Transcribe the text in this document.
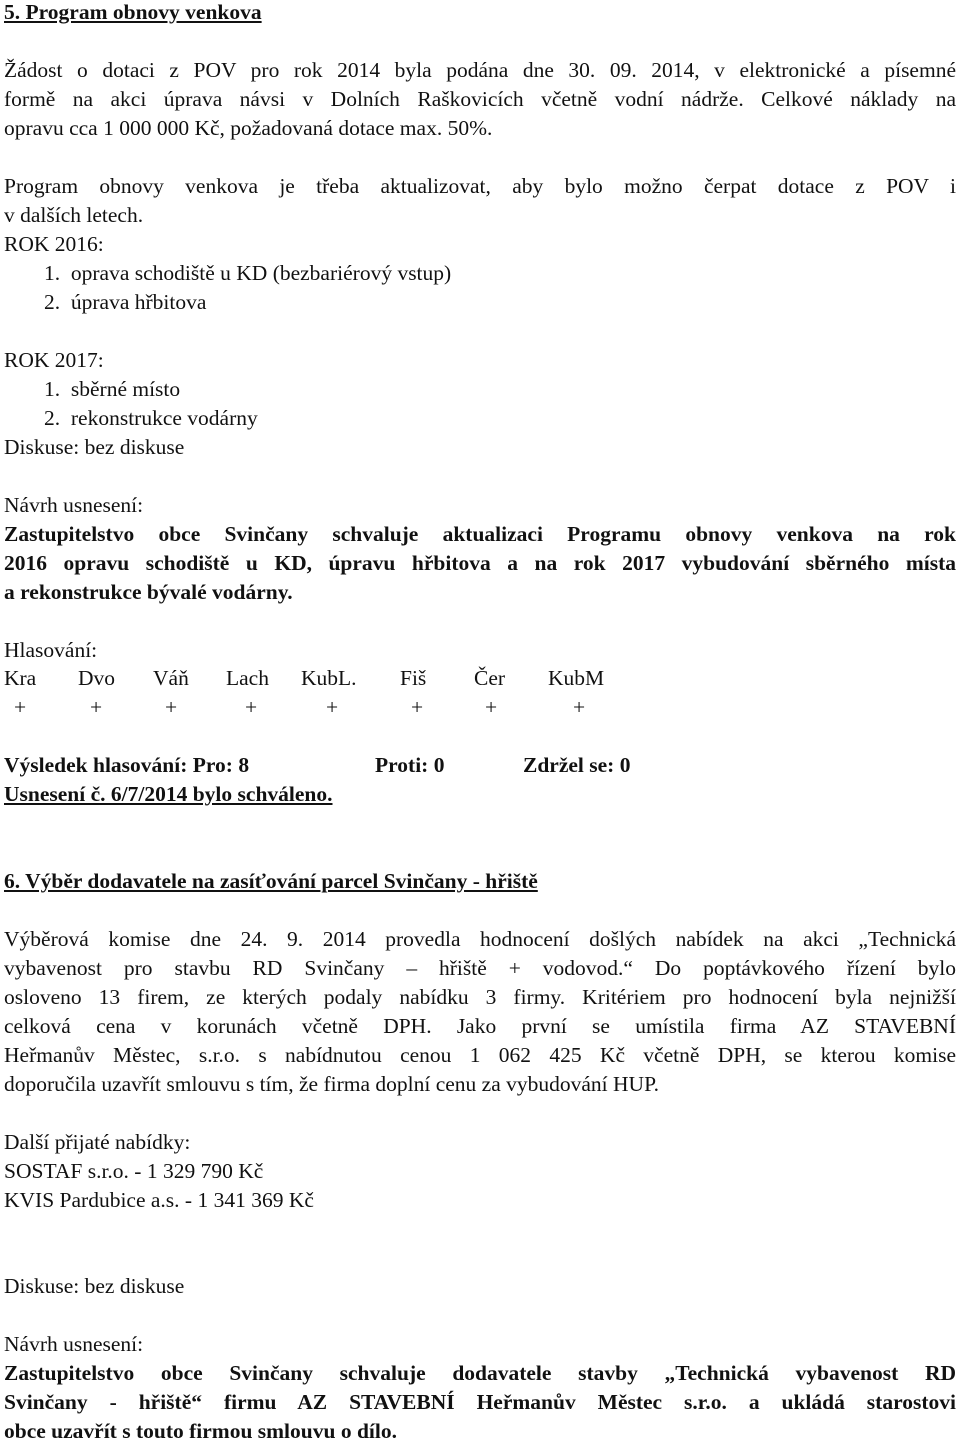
5. Program obnovy venkova
Žádost o dotaci z POV pro rok 2014 byla podána dne 30. 09. 2014, v elektronické a písemné
formě na akci úprava návsi v Dolních Raškovicích včetně vodní nádrže. Celkové náklady na
opravu cca 1 000 000 Kč, požadovaná dotace max. 50%.
Program obnovy venkova je třeba aktualizovat, aby bylo možno čerpat dotace z POV i
v dalších letech.
ROK 2016:
1.  oprava schodiště u KD (bezbariérový vstup)
2.  úprava hřbitova
ROK 2017:
1.  sběrné místo
2.  rekonstrukce vodárny
Diskuse: bez diskuse
Návrh usnesení:
Zastupitelstvo obce Svinčany schvaluje aktualizaci Programu obnovy venkova na rok
2016 opravu schodiště u KD, úpravu hřbitova a na rok 2017 vybudování sběrného místa
a rekonstrukce bývalé vodárny.
Hlasování:
Kra Dvo Váň Lach KubL. Fiš Čer KubM
+	+	+	+	+	+	+	+
Výsledek hlasování: Pro: 8	Proti: 0	Zdržel se: 0
Usnesení č. 6/7/2014 bylo schváleno.
6. Výběr dodavatele na zasíťování parcel Svinčany - hřiště
Výběrová komise dne 24. 9. 2014 provedla hodnocení došlých nabídek na akci „Technická
vybavenost pro stavbu RD Svinčany – hřiště + vodovod.“ Do poptávkového řízení bylo
osloveno 13 firem, ze kterých podaly nabídku 3 firmy. Kritériem pro hodnocení byla nejnižší
celková cena v korunách včetně DPH. Jako první se umístila firma AZ STAVEBNÍ
Heřmanův Městec, s.r.o. s nabídnutou cenou 1 062 425 Kč včetně DPH, se kterou komise
doporučila uzavřít smlouvu s tím, že firma doplní cenu za vybudování HUP.
Další přijaté nabídky:
SOSTAF s.r.o. - 1 329 790 Kč
KVIS Pardubice a.s. - 1 341 369 Kč
Diskuse: bez diskuse
Návrh usnesení:
Zastupitelstvo obce Svinčany schvaluje dodavatele stavby „Technická vybavenost RD
Svinčany - hřiště“ firmu AZ STAVEBNÍ Heřmanův Městec s.r.o. a ukládá starostovi
obce uzavřít s touto firmou smlouvu o dílo.
